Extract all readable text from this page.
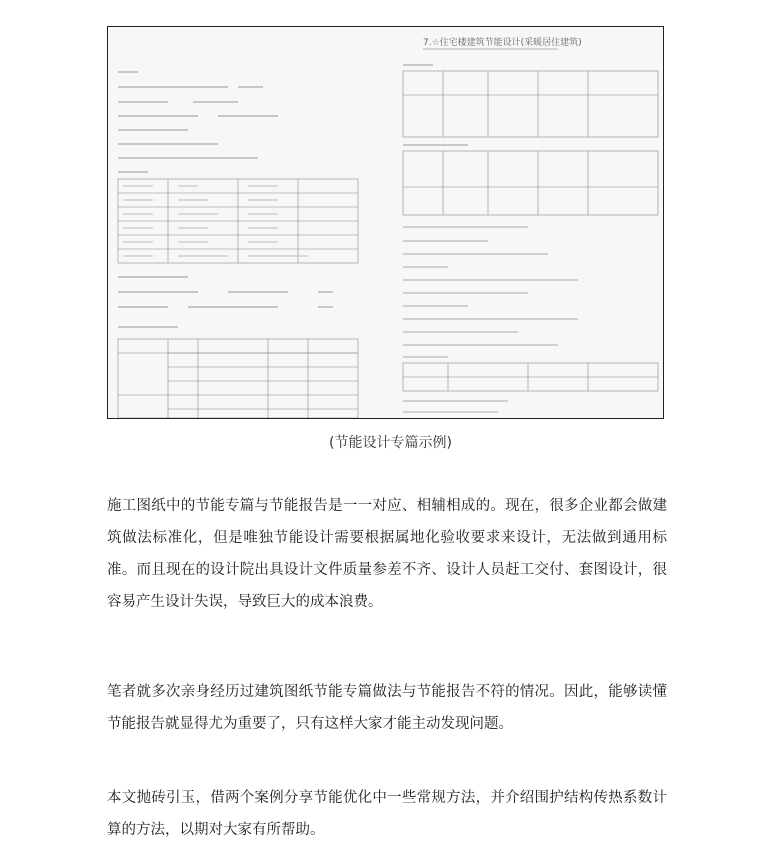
7.☆住宅楼建筑节能设计(采暖居住建筑)
(节能设计专篇示例)

施工图纸中的节能专篇与节能报告是一一对应、相辅相成的。现在，很多企业都会做建筑做法标准化，但是唯独节能设计需要根据属地化验收要求来设计，无法做到通用标准。而且现在的设计院出具设计文件质量参差不齐、设计人员赶工交付、套图设计，很容易产生设计失误，导致巨大的成本浪费。

笔者就多次亲身经历过建筑图纸节能专篇做法与节能报告不符的情况。因此，能够读懂节能报告就显得尤为重要了，只有这样大家才能主动发现问题。

本文抛砖引玉，借两个案例分享节能优化中一些常规方法，并介绍围护结构传热系数计算的方法，以期对大家有所帮助。
